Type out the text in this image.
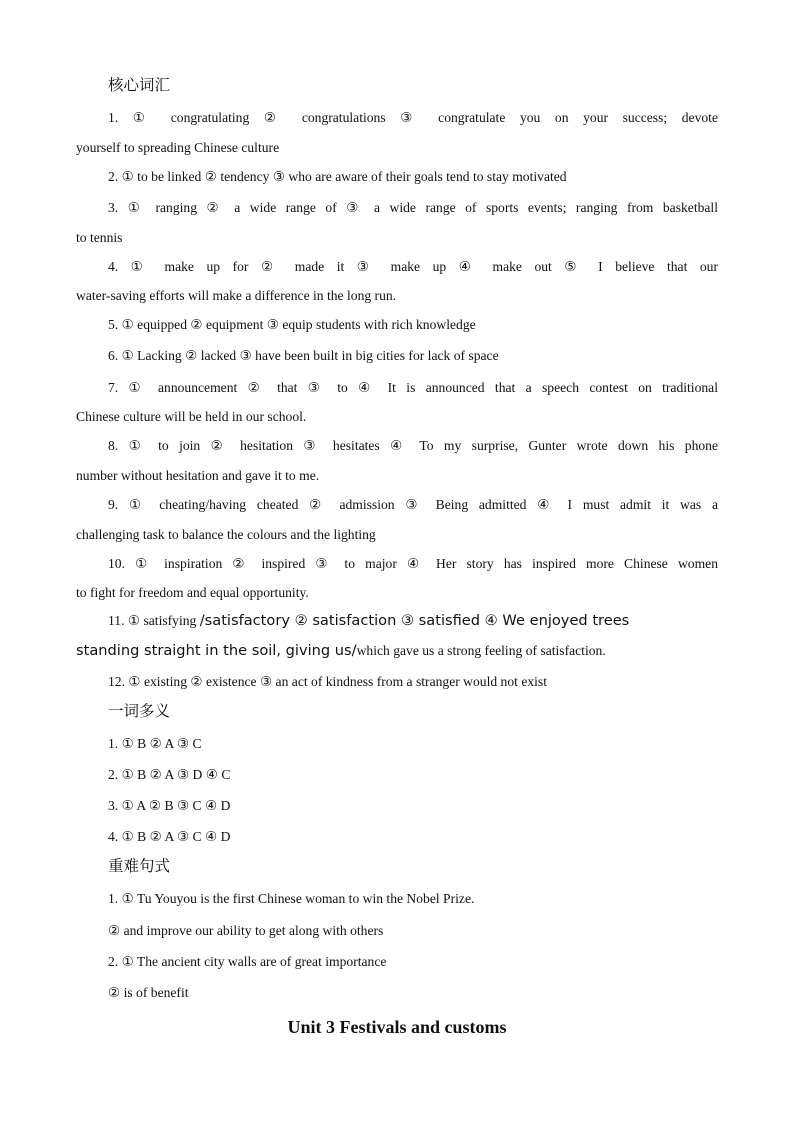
核心词汇
1. ① congratulating ② congratulations ③ congratulate you on your success; devote
yourself to spreading Chinese culture
2. ① to be linked ② tendency ③ who are aware of their goals tend to stay motivated
3. ① ranging ② a wide range of ③ a wide range of sports events; ranging from basketball
to tennis
4. ① make up for ② made it ③ make up ④ make out ⑤ I believe that our
water-saving efforts will make a difference in the long run.
5. ① equipped ② equipment ③ equip students with rich knowledge
6. ① Lacking ② lacked ③ have been built in big cities for lack of space
7. ① announcement ② that ③ to ④ It is announced that a speech contest on traditional
Chinese culture will be held in our school.
8. ① to join ② hesitation ③ hesitates ④ To my surprise, Gunter wrote down his phone
number without hesitation and gave it to me.
9. ① cheating/having cheated ② admission ③ Being admitted ④ I must admit it was a
challenging task to balance the colours and the lighting
10. ① inspiration ② inspired ③ to major ④ Her story has inspired more Chinese women
to fight for freedom and equal opportunity.
11. ① satisfying /satisfactory ② satisfaction ③ satisfied ④ We enjoyed trees
standing straight in the soil, giving us/which gave us a strong feeling of satisfaction.
12. ① existing ② existence ③ an act of kindness from a stranger would not exist
一词多义
1. ① B ② A ③ C
2. ① B ② A ③ D ④ C
3. ① A ② B ③ C ④ D
4. ① B ② A ③ C ④ D
重难句式
1. ① Tu Youyou is the first Chinese woman to win the Nobel Prize.
② and improve our ability to get along with others
2. ① The ancient city walls are of great importance
② is of benefit
Unit 3 Festivals and customs
